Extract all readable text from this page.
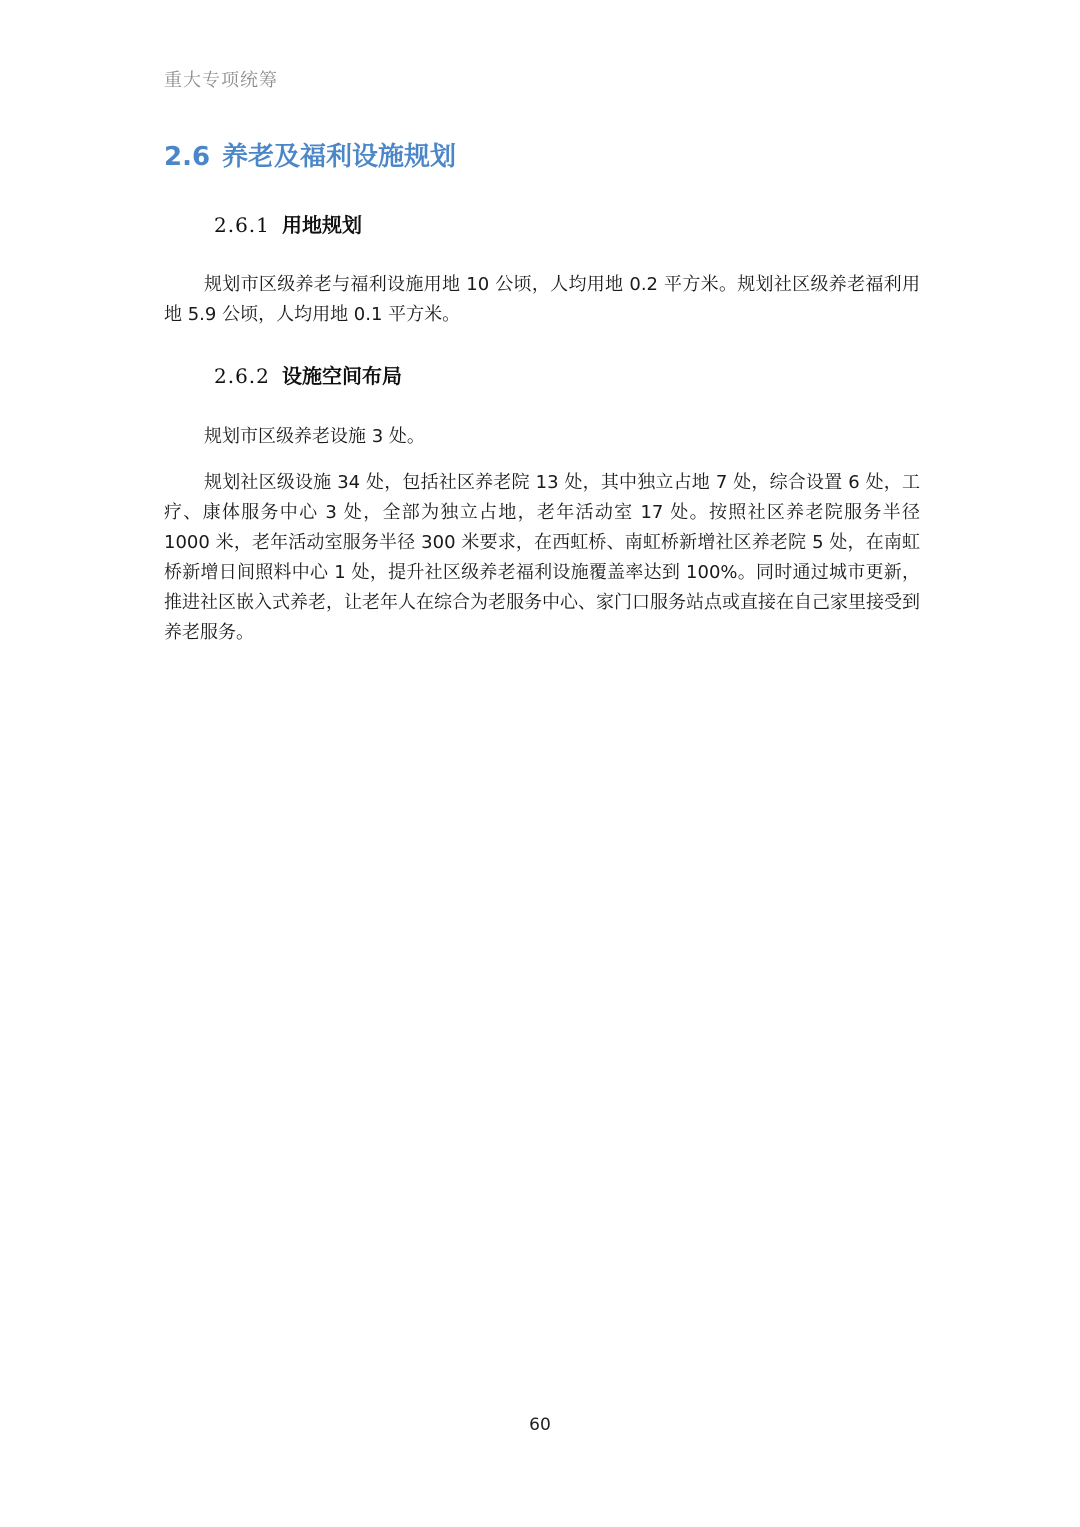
重大专项统筹
2.6 养老及福利设施规划
2.6.1 用地规划

规划市区级养老与福利设施用地 10 公顷，人均用地 0.2 平方米。规划社区级养老福利用地 5.9 公顷，人均用地 0.1 平方米。

2.6.2 设施空间布局

规划市区级养老设施 3 处。

规划社区级设施 34 处，包括社区养老院 13 处，其中独立占地 7 处，综合设置 6 处，工疗、康体服务中心 3 处，全部为独立占地，老年活动室 17 处。按照社区养老院服务半径 1000 米，老年活动室服务半径 300 米要求，在西虹桥、南虹桥新增社区养老院 5 处，在南虹桥新增日间照料中心 1 处，提升社区级养老福利设施覆盖率达到 100%。同时通过城市更新，推进社区嵌入式养老，让老年人在综合为老服务中心、家门口服务站点或直接在自己家里接受到养老服务。

60
